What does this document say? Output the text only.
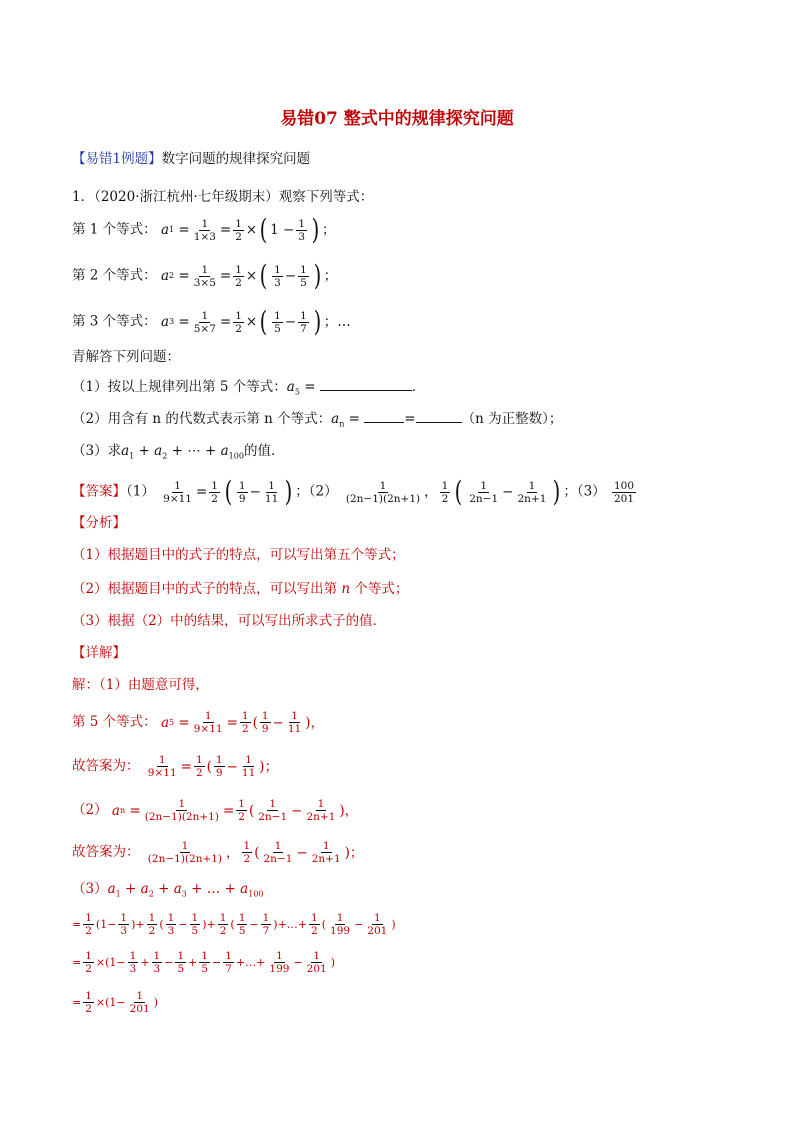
易错07 整式中的规律探究问题
【易错1例题】数字问题的规律探究问题
1．（2020·浙江杭州·七年级期末）观察下列等式：
第 1 个等式： a $1 = \frac{1}{1\times 3} = \frac{1}{2}$ × ( $1 - \frac{1}{3}$ ) ；
第 2 个等式： a $2 = \frac{1}{3\times 5} = \frac{1}{2}$ × ( $\frac{1}{3} - \frac{1}{5}$ ) ；
第 3 个等式： a $3 = \frac{1}{5\times 7} = \frac{1}{2}$ × ( $\frac{1}{5} - \frac{1}{7}$ ) ；…
青解答下列问题：
（1）按以上规律列出第 5 个等式：$a_5$ =	．
（2）用含有 n 的代数式表示第 n 个等式：$a_n$ =	=	（n 为正整数）；
（3）求$a_1 + a_2$ + ⋯ + $a_{100}$的值．
【答案】$(1) \frac{1}{9\times 11} = \frac{1}{2}$ ( $\frac{1}{9} - \frac{1}{11}$ ) ；$(2) \frac{1}{(2n-1)(2n+1)}$ ， $\frac{1}{2}$ ( $\frac{1}{2n-1} - \frac{1}{2n+1}$ ) ；$(3) \frac{100}{201}$
【分析】
（1）根据题目中的式子的特点，可以写出第五个等式；
（2）根据题目中的式子的特点，可以写出第 n 个等式；
（3）根据（2）中的结果，可以写出所求式子的值．
【详解】
解：（1）由题意可得，
第 5 个等式： a $5 = \frac{1}{9\times 11} = \frac{1}{2}$ ( $\frac{1}{9} - \frac{1}{11}$ )，
故答案为： $\frac{1}{9\times 11} = \frac{1}{2}$ ( $\frac{1}{9} - \frac{1}{11}$ )；
（2） a $n = \frac{1}{(2n-1)(2n+1)} = \frac{1}{2}$ ( $\frac{1}{2n-1} - \frac{1}{2n+1}$ )，
故答案为： $\frac{1}{(2n-1)(2n+1)}$ ， $\frac{1}{2}$ ( $\frac{1}{2n-1} - \frac{1}{2n+1}$ )；
$(3)a_1 + a_2 + a_3$ + … + $a_{100}$
= $\frac{1}{2} (1- \frac{1}{3}$ )+ $\frac{1}{2}$ ( $\frac{1}{3} - \frac{1}{5}$ )+ $\frac{1}{2}$ ( $\frac{1}{5} - \frac{1}{7}$ )+…+ $\frac{1}{2}$ ( $\frac{1}{199} - \frac{1}{201}$ )
= $\frac{1}{2} \times(1- \frac{1}{3} + \frac{1}{3} - \frac{1}{5} + \frac{1}{5} - \frac{1}{7}$ +…+ $\frac{1}{199} - \frac{1}{201}$ )
= $\frac{1}{2} \times(1- \frac{1}{201}$ )
